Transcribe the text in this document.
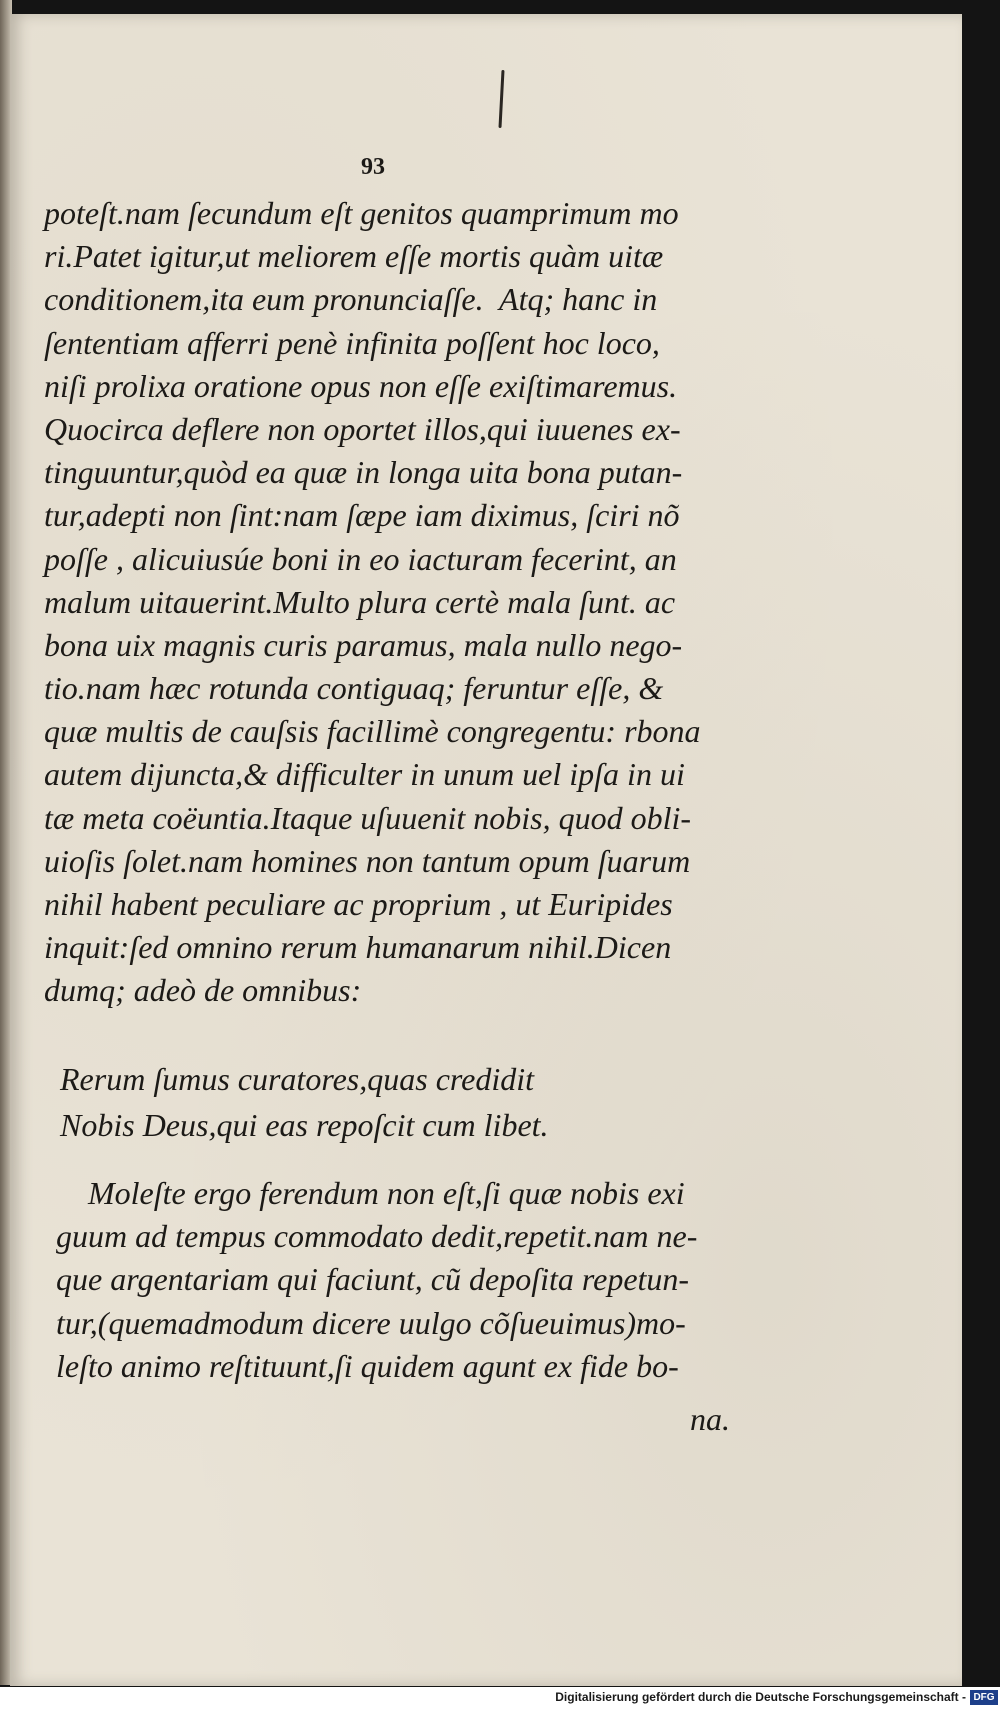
93

poteſt.nam ſecundum eſt genitos quamprimum mo
ri.Patet igitur,ut meliorem eſſe mortis quàm uitæ
conditionem,ita eum pronunciaſſe.  Atq; hanc in
ſententiam afferri penè infinita poſſent hoc loco,
niſi prolixa oratione opus non eſſe exiſtimaremus.
Quocirca deflere non oportet illos,qui iuuenes ex-
tinguuntur,quòd ea quæ in longa uita bona putan-
tur,adepti non ſint:nam ſæpe iam diximus, ſciri nõ
poſſe , alicuiusúe boni in eo iacturam fecerint, an
malum uitauerint.Multo plura certè mala ſunt. ac
bona uix magnis curis paramus, mala nullo nego-
tio.nam hæc rotunda contiguaq; feruntur eſſe, &
quæ multis de cauſsis facillimè congregentu: rbona
autem dijuncta,& difficulter in unum uel ipſa in ui
tæ meta coëuntia.Itaque uſuuenit nobis, quod obli-
uioſis ſolet.nam homines non tantum opum ſuarum
nihil habent peculiare ac proprium , ut Euripides
inquit:ſed omnino rerum humanarum nihil.Dicen
dumq; adeò de omnibus:

Rerum ſumus curatores,quas credidit
Nobis Deus,qui eas repoſcit cum libet.

Moleſte ergo ferendum non eſt,ſi quæ nobis exi
guum ad tempus commodato dedit,repetit.nam ne-
que argentariam qui faciunt, cũ depoſita repetun-
tur,(quemadmodum dicere uulgo cõſueuimus)mo-
leſto animo reſtituunt,ſi quidem agunt ex fide bo-

na.

Digitalisierung gefördert durch die Deutsche Forschungsgemeinschaft - DFG
